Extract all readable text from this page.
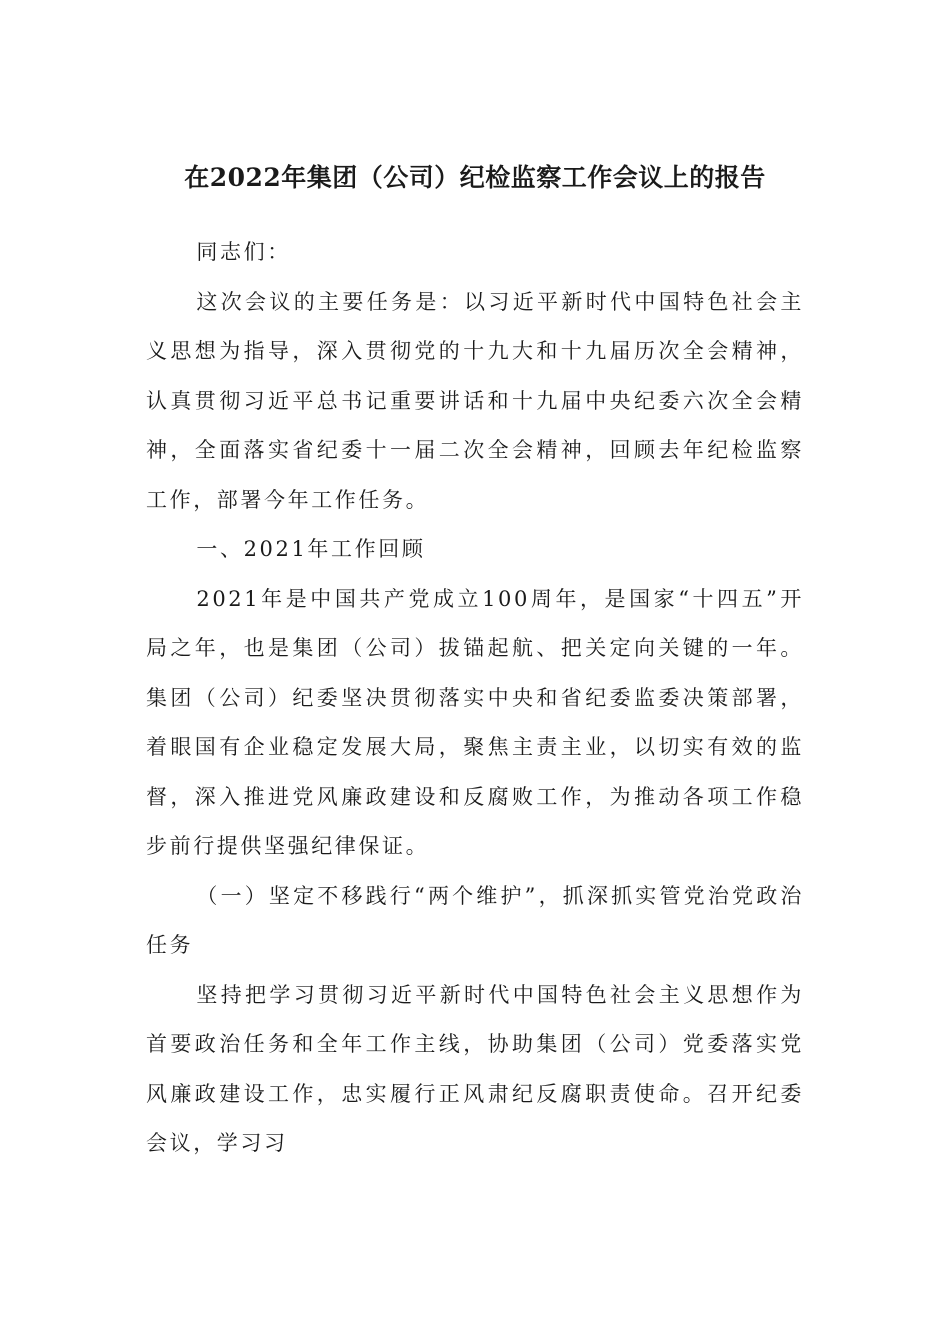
在2022年集团（公司）纪检监察工作会议上的报告

同志们：

这次会议的主要任务是：以习近平新时代中国特色社会主义思想为指导，深入贯彻党的十九大和十九届历次全会精神，认真贯彻习近平总书记重要讲话和十九届中央纪委六次全会精神，全面落实省纪委十一届二次全会精神，回顾去年纪检监察工作，部署今年工作任务。

一、2021年工作回顾

2021年是中国共产党成立100周年，是国家“十四五”开局之年，也是集团（公司）拔锚起航、把关定向关键的一年。集团（公司）纪委坚决贯彻落实中央和省纪委监委决策部署，着眼国有企业稳定发展大局，聚焦主责主业，以切实有效的监督，深入推进党风廉政建设和反腐败工作，为推动各项工作稳步前行提供坚强纪律保证。

（一）坚定不移践行“两个维护”，抓深抓实管党治党政治任务

坚持把学习贯彻习近平新时代中国特色社会主义思想作为首要政治任务和全年工作主线，协助集团（公司）党委落实党风廉政建设工作，忠实履行正风肃纪反腐职责使命。召开纪委会议，学习习
